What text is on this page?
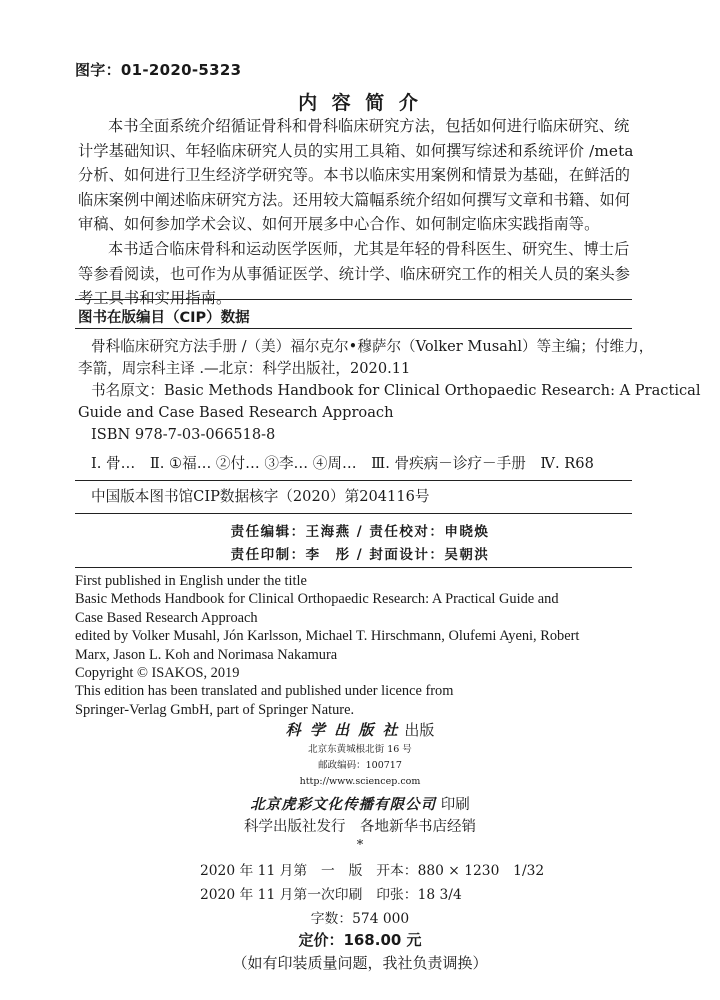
图字：01-2020-5323
内 容 简 介
本书全面系统介绍循证骨科和骨科临床研究方法，包括如何进行临床研究、统
计学基础知识、年轻临床研究人员的实用工具箱、如何撰写综述和系统评价 /meta
分析、如何进行卫生经济学研究等。本书以临床实用案例和情景为基础，在鲜活的
临床案例中阐述临床研究方法。还用较大篇幅系统介绍如何撰写文章和书籍、如何
审稿、如何参加学术会议、如何开展多中心合作、如何制定临床实践指南等。
本书适合临床骨科和运动医学医师，尤其是年轻的骨科医生、研究生、博士后
等参看阅读，也可作为从事循证医学、统计学、临床研究工作的相关人员的案头参
考工具书和实用指南。
图书在版编目（CIP）数据
骨科临床研究方法手册 /（美）福尔克尔•穆萨尔（Volker Musahl）等主编；付维力，
李箭，周宗科主译 .—北京：科学出版社，2020.11
书名原文：Basic Methods Handbook for Clinical Orthopaedic Research: A Practical
Guide and Case Based Research Approach
ISBN 978-7-03-066518-8
Ⅰ. 骨…　Ⅱ. ①福… ②付… ③李… ④周…　Ⅲ. 骨疾病－诊疗－手册　Ⅳ. R68
中国版本图书馆CIP数据核字（2020）第204116号
责任编辑：王海燕 / 责任校对：申晓焕
责任印制：李　彤 / 封面设计：吴朝洪
First published in English under the title
Basic Methods Handbook for Clinical Orthopaedic Research: A Practical Guide and
Case Based Research Approach
edited by Volker Musahl, Jón Karlsson, Michael T. Hirschmann, Olufemi Ayeni, Robert
Marx, Jason L. Koh and Norimasa Nakamura
Copyright © ISAKOS, 2019
This edition has been translated and published under licence from
Springer-Verlag GmbH, part of Springer Nature.
科 学 出 版 社 出版
北京东黄城根北街 16 号
邮政编码：100717
http://www.sciencep.com
北京虎彩文化传播有限公司 印刷
科学出版社发行　各地新华书店经销
*
2020 年 11 月第　一　版　开本：880 × 1230　1/32
2020 年 11 月第一次印刷　印张：18 3/4
字数：574 000
定价：168.00 元
（如有印装质量问题，我社负责调换）
